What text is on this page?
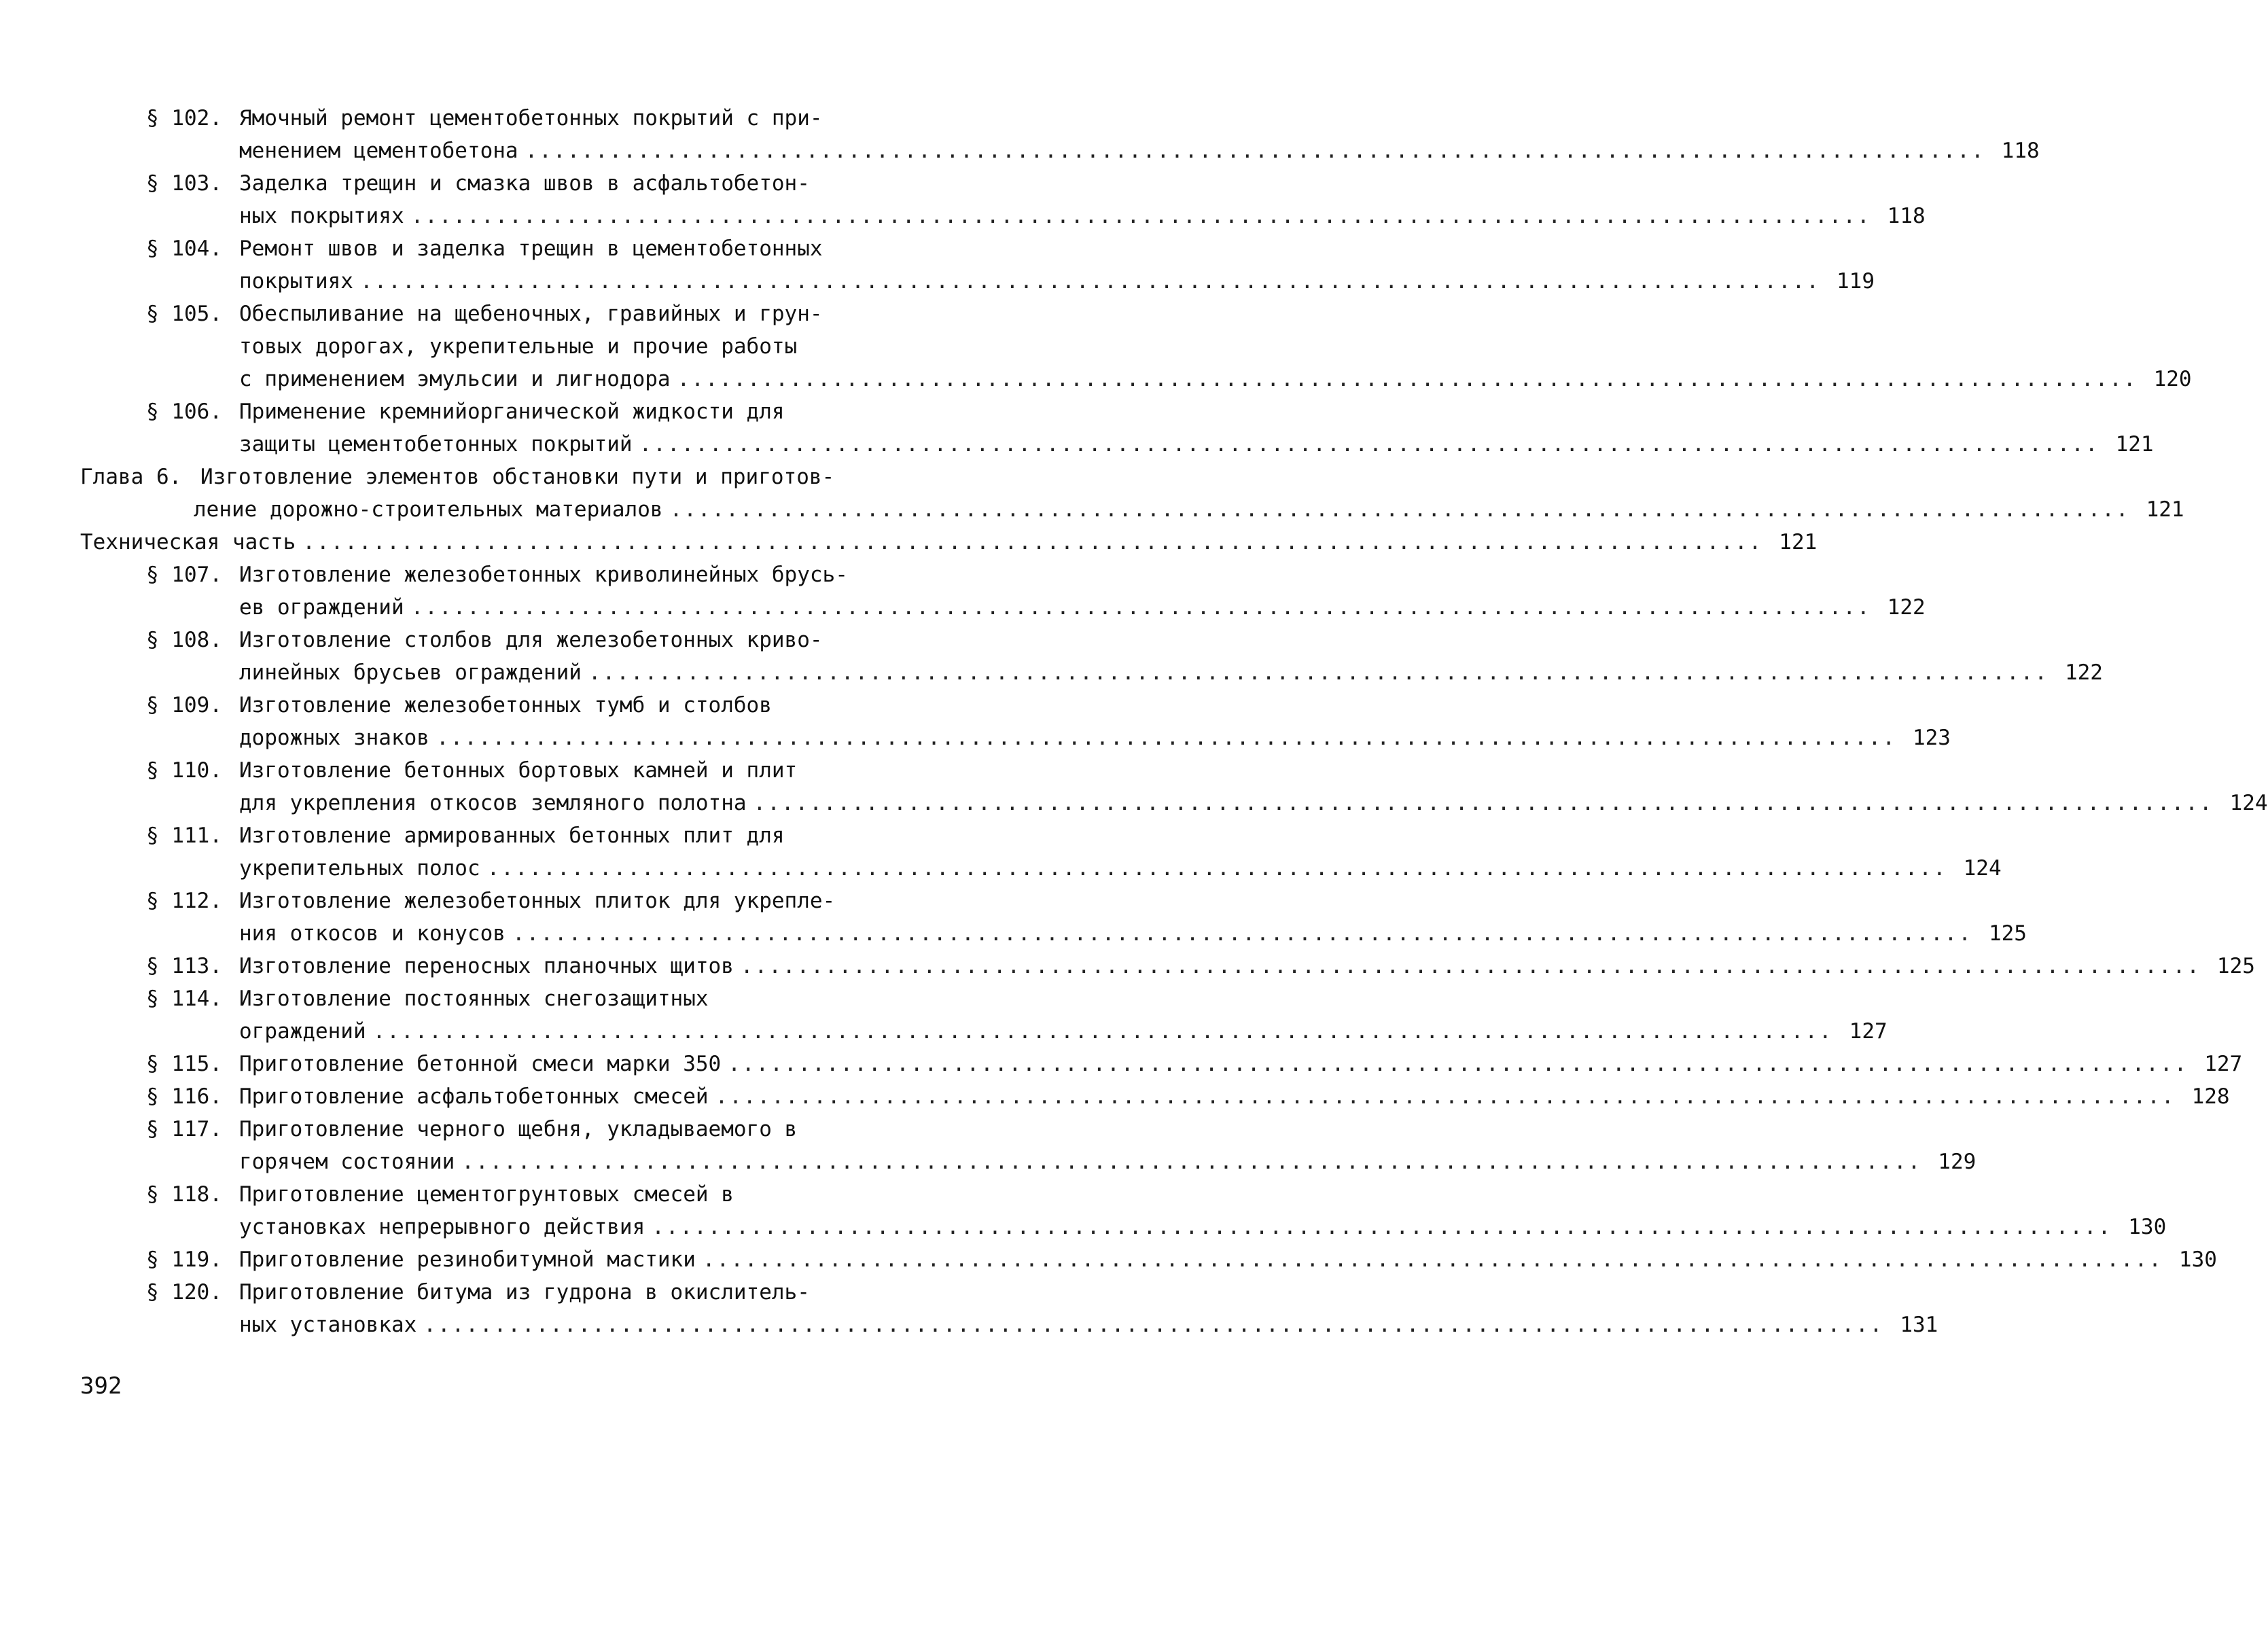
§ 102. Ямочный ремонт цементобетонных покрытий с при-
менением цементобетона ........................................................................................................ 118
§ 103. Заделка трещин и смазка швов в асфальтобетон-
ных покрытиях ........................................................................................................ 118
§ 104. Ремонт швов и заделка трещин в цементобетонных
покрытиях ........................................................................................................ 119
§ 105. Обеспыливание на щебеночных, гравийных и грун-
товых дорогах, укрепительные и прочие работы
с применением эмульсии и лигнодора ........................................................................................................ 120
§ 106. Применение кремнийорганической жидкости для
защиты цементобетонных покрытий ........................................................................................................ 121
Глава 6. Изготовление элементов обстановки пути и приготов-
ление дорожно-строительных материалов ........................................................................................................ 121
Техническая часть ........................................................................................................ 121
§ 107. Изготовление железобетонных криволинейных брусь-
ев ограждений ........................................................................................................ 122
§ 108. Изготовление столбов для железобетонных криво-
линейных брусьев ограждений ........................................................................................................ 122
§ 109. Изготовление железобетонных тумб и столбов
дорожных знаков ........................................................................................................ 123
§ 110. Изготовление бетонных бортовых камней и плит
для укрепления откосов земляного полотна ........................................................................................................ 124
§ 111. Изготовление армированных бетонных плит для
укрепительных полос ........................................................................................................ 124
§ 112. Изготовление железобетонных плиток для укрепле-
ния откосов и конусов ........................................................................................................ 125
§ 113. Изготовление переносных планочных щитов ........................................................................................................ 125
§ 114. Изготовление постоянных снегозащитных
ограждений ........................................................................................................ 127
§ 115. Приготовление бетонной смеси марки 350 ........................................................................................................ 127
§ 116. Приготовление асфальтобетонных смесей ........................................................................................................ 128
§ 117. Приготовление черного щебня, укладываемого в
горячем состоянии ........................................................................................................ 129
§ 118. Приготовление цементогрунтовых смесей в
установках непрерывного действия ........................................................................................................ 130
§ 119. Приготовление резинобитумной мастики ........................................................................................................ 130
§ 120. Приготовление битума из гудрона в окислитель-
ных установках ........................................................................................................ 131
392
